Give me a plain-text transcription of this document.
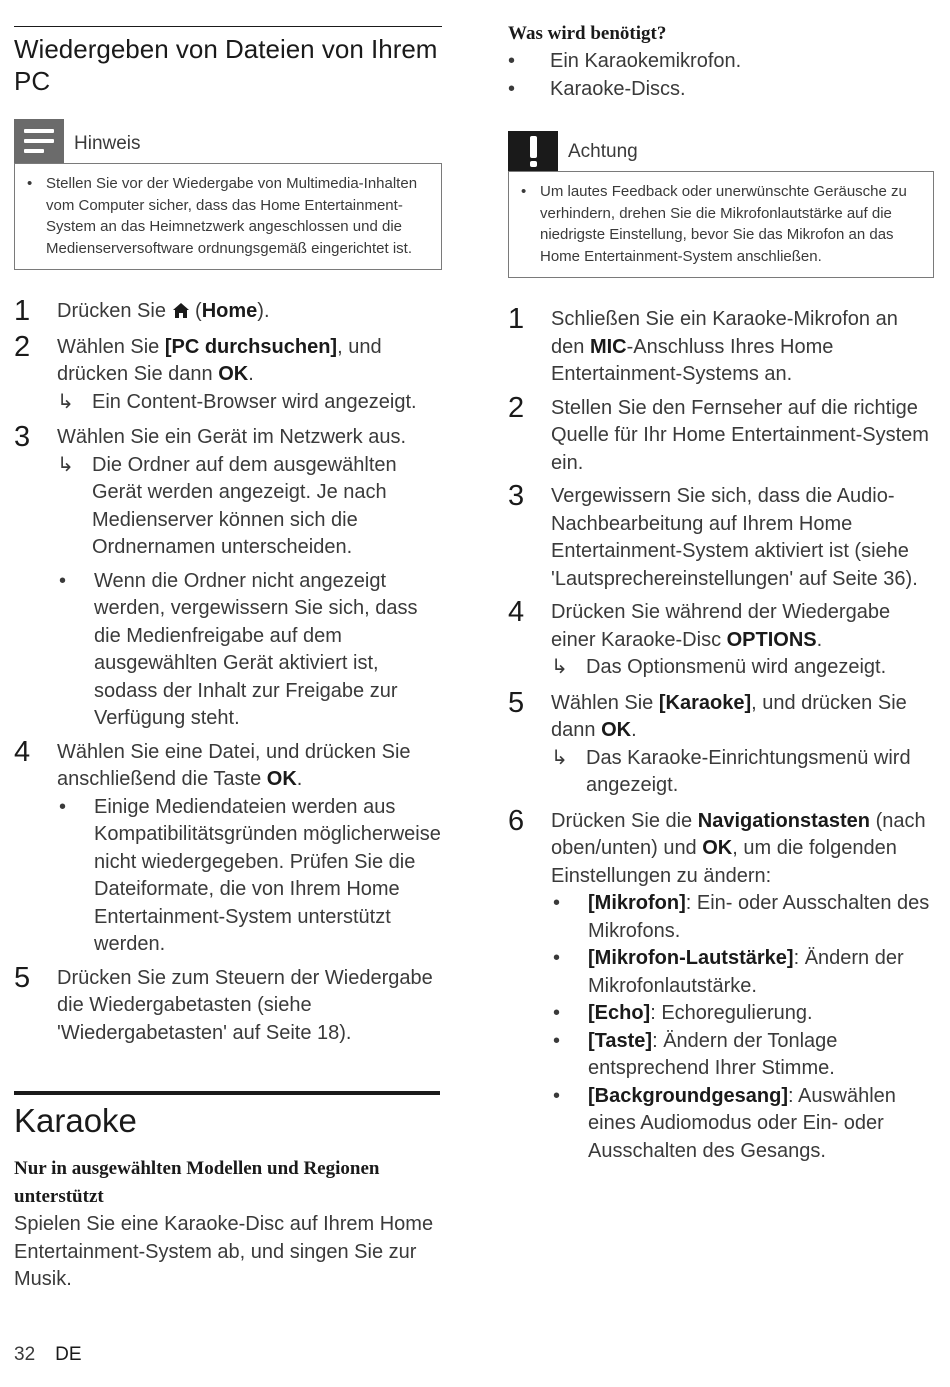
Wiedergeben von Dateien von Ihrem PC
Hinweis
• Stellen Sie vor der Wiedergabe von Multimedia-Inhalten vom Computer sicher, dass das Home Entertainment-System an das Heimnetzwerk angeschlossen und die Medienserversoftware ordnungsgemäß eingerichtet ist.
1	Drücken Sie  (Home).
2	Wählen Sie [PC durchsuchen], und drücken Sie dann OK.
↳ Ein Content-Browser wird angezeigt.
3	Wählen Sie ein Gerät im Netzwerk aus.
↳ Die Ordner auf dem ausgewählten Gerät werden angezeigt. Je nach Medienserver können sich die Ordnernamen unterscheiden.
•	Wenn die Ordner nicht angezeigt werden, vergewissern Sie sich, dass die Medienfreigabe auf dem ausgewählten Gerät aktiviert ist, sodass der Inhalt zur Freigabe zur Verfügung steht.
4	Wählen Sie eine Datei, und drücken Sie anschließend die Taste OK.
•	Einige Mediendateien werden aus Kompatibilitätsgründen möglicherweise nicht wiedergegeben. Prüfen Sie die Dateiformate, die von Ihrem Home Entertainment-System unterstützt werden.
5	Drücken Sie zum Steuern der Wiedergabe die Wiedergabetasten (siehe 'Wiedergabetasten' auf Seite 18).
Karaoke
Nur in ausgewählten Modellen und Regionen unterstützt
Spielen Sie eine Karaoke-Disc auf Ihrem Home Entertainment-System ab, und singen Sie zur Musik.
Was wird benötigt?
•	Ein Karaokemikrofon.
•	Karaoke-Discs.
Achtung
• Um lautes Feedback oder unerwünschte Geräusche zu verhindern, drehen Sie die Mikrofonlautstärke auf die niedrigste Einstellung, bevor Sie das Mikrofon an das Home Entertainment-System anschließen.
1	Schließen Sie ein Karaoke-Mikrofon an den MIC-Anschluss Ihres Home Entertainment-Systems an.
2	Stellen Sie den Fernseher auf die richtige Quelle für Ihr Home Entertainment-System ein.
3	Vergewissern Sie sich, dass die Audio-Nachbearbeitung auf Ihrem Home Entertainment-System aktiviert ist (siehe 'Lautsprechereinstellungen' auf Seite 36).
4	Drücken Sie während der Wiedergabe einer Karaoke-Disc OPTIONS.
↳ Das Optionsmenü wird angezeigt.
5	Wählen Sie [Karaoke], und drücken Sie dann OK.
↳ Das Karaoke-Einrichtungsmenü wird angezeigt.
6	Drücken Sie die Navigationstasten (nach oben/unten) und OK, um die folgenden Einstellungen zu ändern:
•	[Mikrofon]: Ein- oder Ausschalten des Mikrofons.
•	[Mikrofon-Lautstärke]: Ändern der Mikrofonlautstärke.
•	[Echo]: Echoregulierung.
•	[Taste]: Ändern der Tonlage entsprechend Ihrer Stimme.
•	[Backgroundgesang]: Auswählen eines Audiomodus oder Ein- oder Ausschalten des Gesangs.
32 DE
